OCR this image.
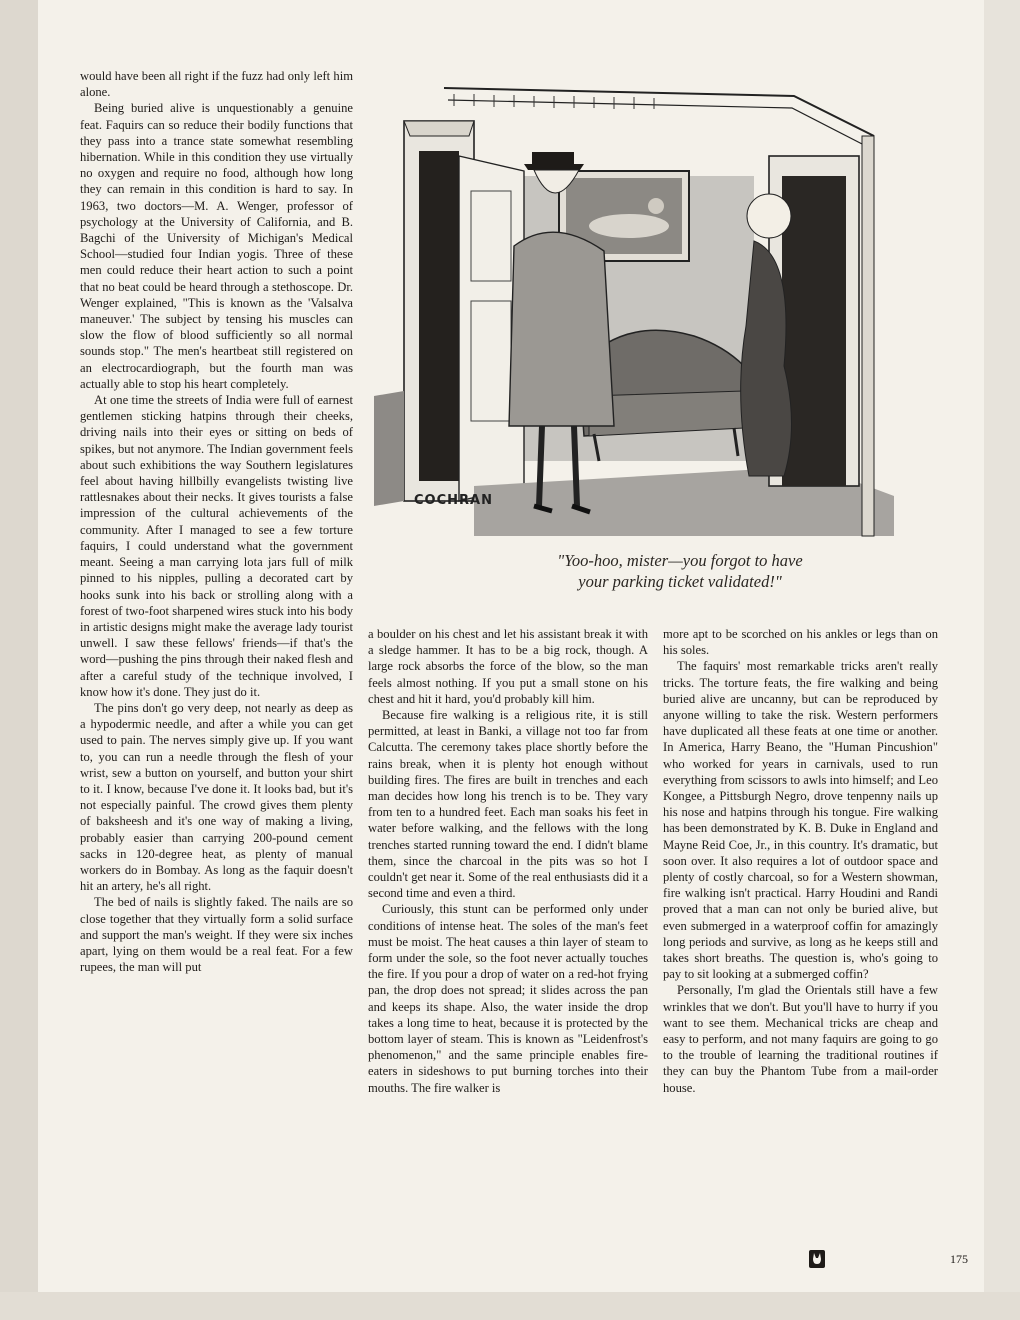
would have been all right if the fuzz had only left him alone.

Being buried alive is unquestionably a genuine feat. Faquirs can so reduce their bodily functions that they pass into a trance state somewhat resembling hibernation. While in this condition they use virtually no oxygen and require no food, although how long they can remain in this condition is hard to say. In 1963, two doctors—M. A. Wenger, professor of psychology at the University of California, and B. Bagchi of the University of Michigan's Medical School—studied four Indian yogis. Three of these men could reduce their heart action to such a point that no beat could be heard through a stethoscope. Dr. Wenger explained, "This is known as the 'Valsalva maneuver.' The subject by tensing his muscles can slow the flow of blood sufficiently so all normal sounds stop." The men's heartbeat still registered on an electrocardiograph, but the fourth man was actually able to stop his heart completely.

At one time the streets of India were full of earnest gentlemen sticking hatpins through their cheeks, driving nails into their eyes or sitting on beds of spikes, but not anymore. The Indian government feels about such exhibitions the way Southern legislatures feel about having hillbilly evangelists twisting live rattlesnakes about their necks. It gives tourists a false impression of the cultural achievements of the community. After I managed to see a few torture faquirs, I could understand what the government meant. Seeing a man carrying lota jars full of milk pinned to his nipples, pulling a decorated cart by hooks sunk into his back or strolling along with a forest of two-foot sharpened wires stuck into his body in artistic designs might make the average lady tourist unwell. I saw these fellows' friends—if that's the word—pushing the pins through their naked flesh and after a careful study of the technique involved, I know how it's done. They just do it.

The pins don't go very deep, not nearly as deep as a hypodermic needle, and after a while you can get used to pain. The nerves simply give up. If you want to, you can run a needle through the flesh of your wrist, sew a button on yourself, and button your shirt to it. I know, because I've done it. It looks bad, but it's not especially painful. The crowd gives them plenty of baksheesh and it's one way of making a living, probably easier than carrying 200-pound cement sacks in 120-degree heat, as plenty of manual workers do in Bombay. As long as the faquir doesn't hit an artery, he's all right.

The bed of nails is slightly faked. The nails are so close together that they virtually form a solid surface and support the man's weight. If they were six inches apart, lying on them would be a real feat. For a few rupees, the man will put

COCHRAN
"Yoo-hoo, mister—you forgot to have
your parking ticket validated!"

a boulder on his chest and let his assistant break it with a sledge hammer. It has to be a big rock, though. A large rock absorbs the force of the blow, so the man feels almost nothing. If you put a small stone on his chest and hit it hard, you'd probably kill him.

Because fire walking is a religious rite, it is still permitted, at least in Banki, a village not too far from Calcutta. The ceremony takes place shortly before the rains break, when it is plenty hot enough without building fires. The fires are built in trenches and each man decides how long his trench is to be. They vary from ten to a hundred feet. Each man soaks his feet in water before walking, and the fellows with the long trenches started running toward the end. I didn't blame them, since the charcoal in the pits was so hot I couldn't get near it. Some of the real enthusiasts did it a second time and even a third.

Curiously, this stunt can be performed only under conditions of intense heat. The soles of the man's feet must be moist. The heat causes a thin layer of steam to form under the sole, so the foot never actually touches the fire. If you pour a drop of water on a red-hot frying pan, the drop does not spread; it slides across the pan and keeps its shape. Also, the water inside the drop takes a long time to heat, because it is protected by the bottom layer of steam. This is known as "Leidenfrost's phenomenon," and the same principle enables fire-eaters in sideshows to put burning torches into their mouths. The fire walker is

more apt to be scorched on his ankles or legs than on his soles.

The faquirs' most remarkable tricks aren't really tricks. The torture feats, the fire walking and being buried alive are uncanny, but can be reproduced by anyone willing to take the risk. Western performers have duplicated all these feats at one time or another. In America, Harry Beano, the "Human Pincushion" who worked for years in carnivals, used to run everything from scissors to awls into himself; and Leo Kongee, a Pittsburgh Negro, drove tenpenny nails up his nose and hatpins through his tongue. Fire walking has been demonstrated by K. B. Duke in England and Mayne Reid Coe, Jr., in this country. It's dramatic, but soon over. It also requires a lot of outdoor space and plenty of costly charcoal, so for a Western showman, fire walking isn't practical. Harry Houdini and Randi proved that a man can not only be buried alive, but even submerged in a waterproof coffin for amazingly long periods and survive, as long as he keeps still and takes short breaths. The question is, who's going to pay to sit looking at a submerged coffin?

Personally, I'm glad the Orientals still have a few wrinkles that we don't. But you'll have to hurry if you want to see them. Mechanical tricks are cheap and easy to perform, and not many faquirs are going to go to the trouble of learning the traditional routines if they can buy the Phantom Tube from a mail-order house.

175
